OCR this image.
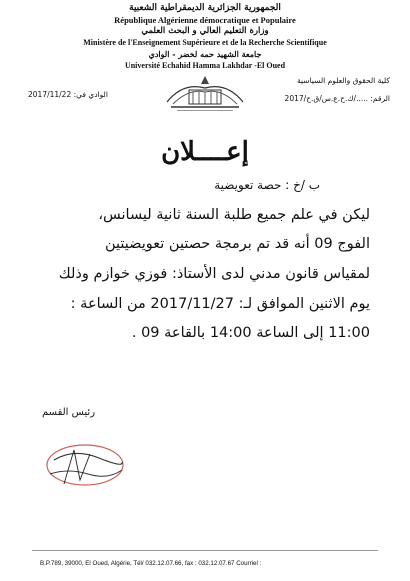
الجمهورية الجزائرية الديمقراطية الشعبية
République Algérienne démocratique et Populaire
وزارة التعليم العالي و البحث العلمي
Ministère de l'Enseignement Supérieure et de la Recherche Scientifique
جامعة الشهيد حمه لخضر - الوادي
Université Echahid Hamma Lakhdar -El Oued
كلية الحقوق والعلوم السياسية
الرقم: ...../ك.ح.ع.س/ق.ح/2017
الوادي في: 2017/11/22
إعــــلان
ب /خ : حصة تعويضية
ليكن في علم جميع طلبة السنة ثانية ليسانس،
الفوج 09 أنه قد تم برمجة حصتين تعويضيتين
لمقياس قانون مدني لدى الأستاذ: فوزي خوازم وذلك
يوم الاثنين الموافق لـ: 2017/11/27 من الساعة :
11:00 إلى الساعة 14:00 بالقاعة 09 .
رئيس القسم
B.P.789, 39000, El Oued, Algérie, Tél/ 032.12.07.66, fax : 032.12.07.67 Courriel :
